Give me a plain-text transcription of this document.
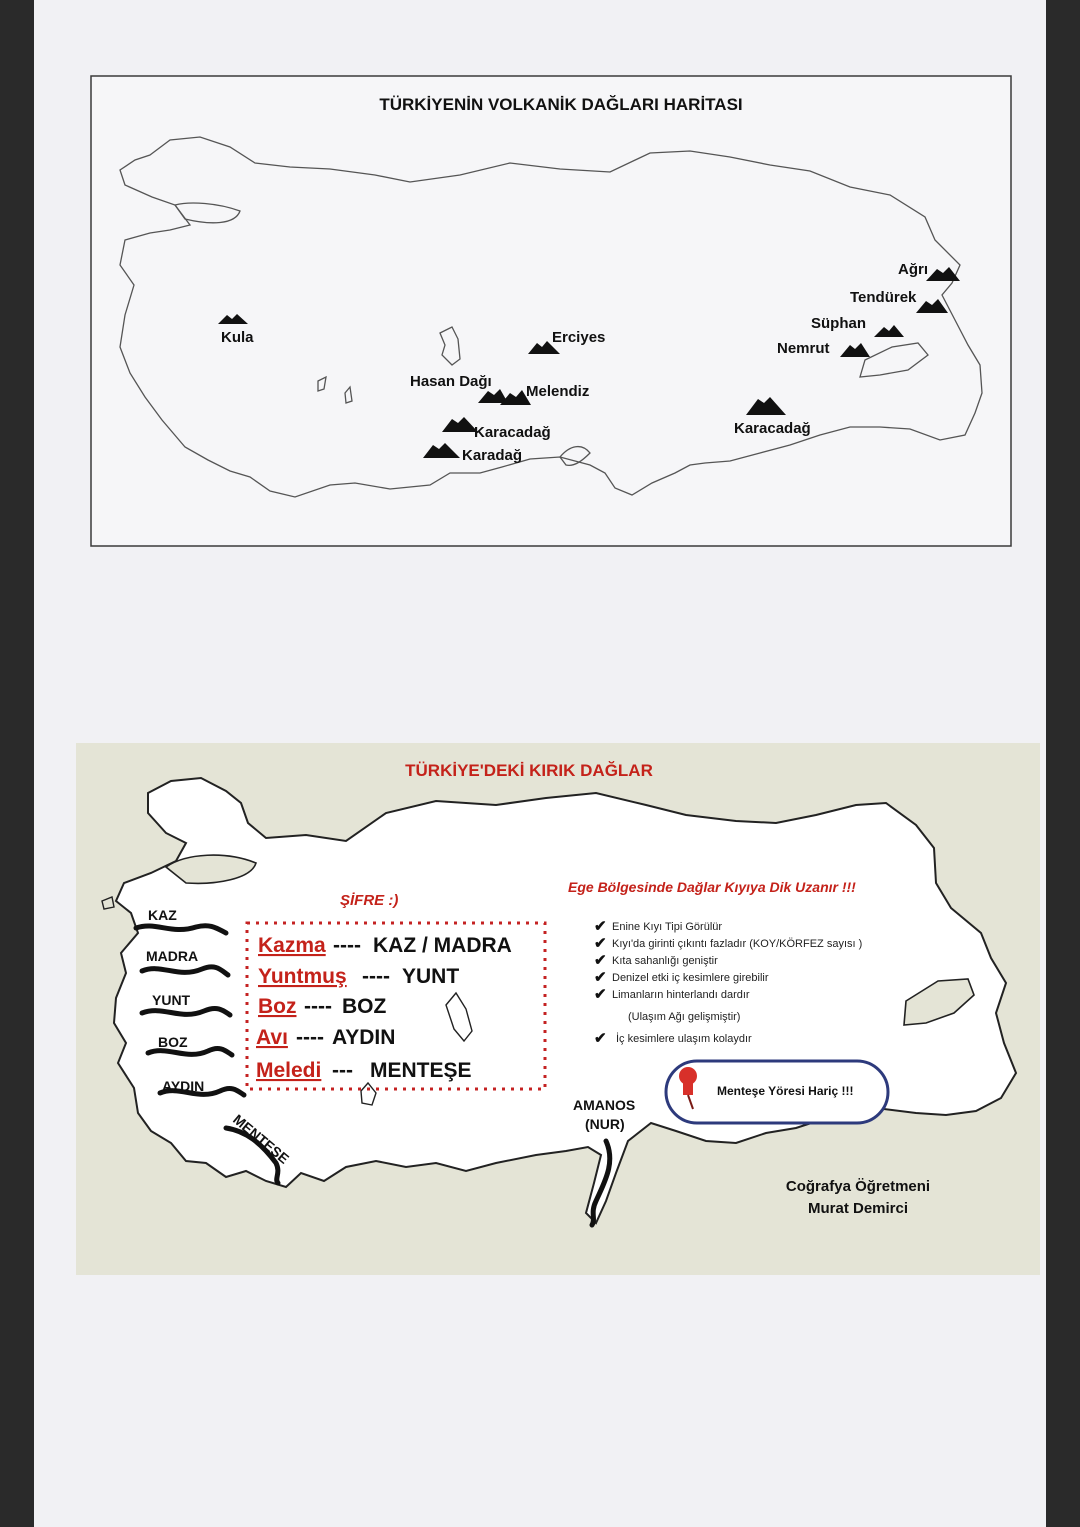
TÜRKİYENİN VOLKANİK DAĞLARI HARİTASI
Kula	Erciyes
Hasan Dağı
Melendiz
Karacadağ
Karadağ
Karacadağ
Ağrı
Tendürek
Süphan
Nemrut
TÜRKİYE'DEKİ KIRIK DAĞLAR
KAZ
MADRA
YUNT
BOZ
AYDIN
MENTEŞE
ŞİFRE :)
Kazma ---- KAZ / MADRA
Yuntmuş ---- YUNT
Boz ---- BOZ
Avı ---- AYDIN
Meledi --- MENTEŞE
Ege Bölgesinde Dağlar Kıyıya Dik Uzanır !!!
✔ Enine Kıyı Tipi Görülür
✔ Kıyı'da girinti çıkıntı fazladır (KOY/KÖRFEZ sayısı )
✔ Kıta sahanlığı geniştir
✔ Denizel etki iç kesimlere girebilir
✔ Limanların hinterlandı dardır
(Ulaşım Ağı gelişmiştir)
✔ İç kesimlere ulaşım kolaydır
Menteşe Yöresi Hariç !!!
AMANOS
(NUR)
Coğrafya Öğretmeni
Murat Demirci
